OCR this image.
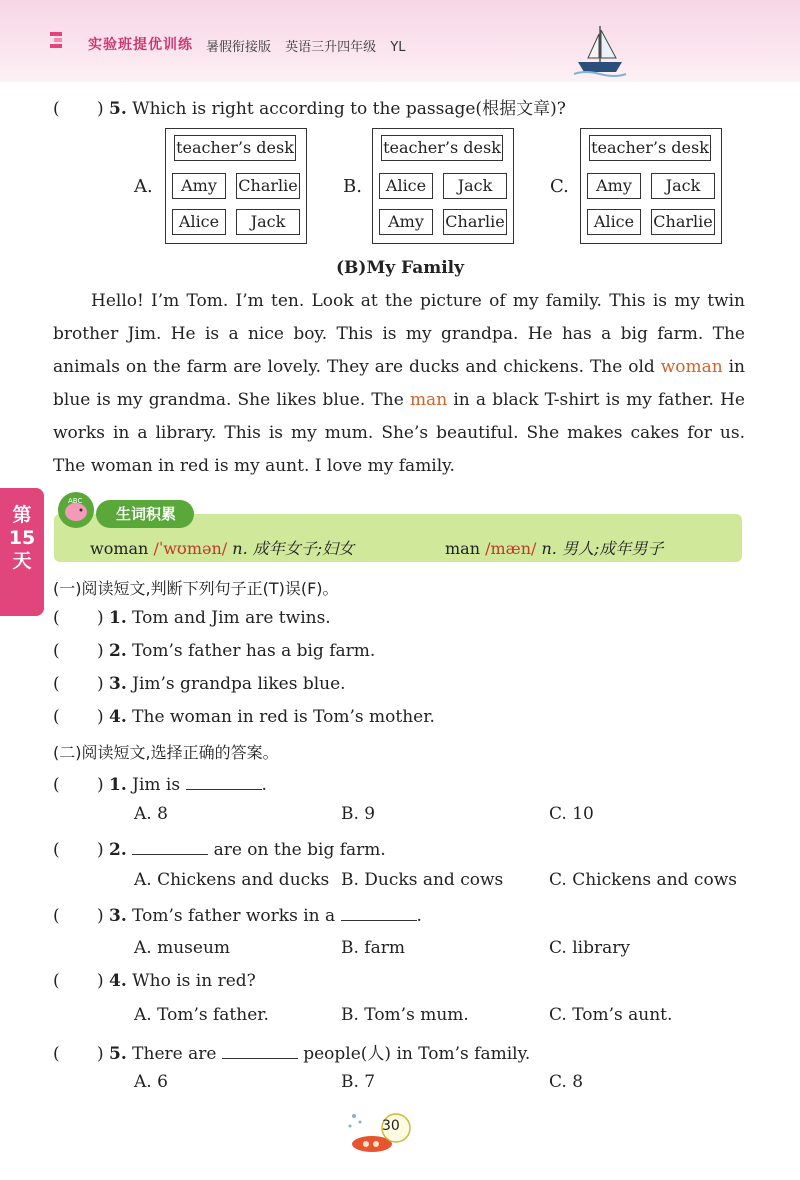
实验班提优训练 暑假衔接版 英语三升四年级 YL
第
15
天
( ) 5. Which is right according to the passage(根据文章)?
A.
teacher’s desk
Amy	Charlie
Alice	Jack
B.
teacher’s desk
Alice	Jack
Amy	Charlie
C.
teacher’s desk
Amy	Jack
Alice	Charlie
(B)My Family
Hello! I’m Tom. I’m ten. Look at the picture of my family. This is my twin brother Jim. He is a nice boy. This is my grandpa. He has a big farm. The animals on the farm are lovely. They are ducks and chickens. The old woman in blue is my grandma. She likes blue. The man in a black T-shirt is my father. He works in a library. This is my mum. She’s beautiful. She makes cakes for us. The woman in red is my aunt. I love my family.
生词积累
ABC
woman /ˈwʊmən/ n. 成年女子;妇女	man /mæn/ n. 男人;成年男子
(一)阅读短文,判断下列句子正(T)误(F)。
( ) 1. Tom and Jim are twins.
( ) 2. Tom’s father has a big farm.
( ) 3. Jim’s grandpa likes blue.
( ) 4. The woman in red is Tom’s mother.
(二)阅读短文,选择正确的答案。
( ) 1. Jim is	.
A. 8	B. 9	C. 10
( ) 2.	are on the big farm.
A. Chickens and ducks B. Ducks and cows	C. Chickens and cows
( ) 3. Tom’s father works in a	.
A. museum	B. farm	C. library
( ) 4. Who is in red?
A. Tom’s father.	B. Tom’s mum.	C. Tom’s aunt.
( ) 5. There are	people(人) in Tom’s family.
A. 6	B. 7	C. 8
30
